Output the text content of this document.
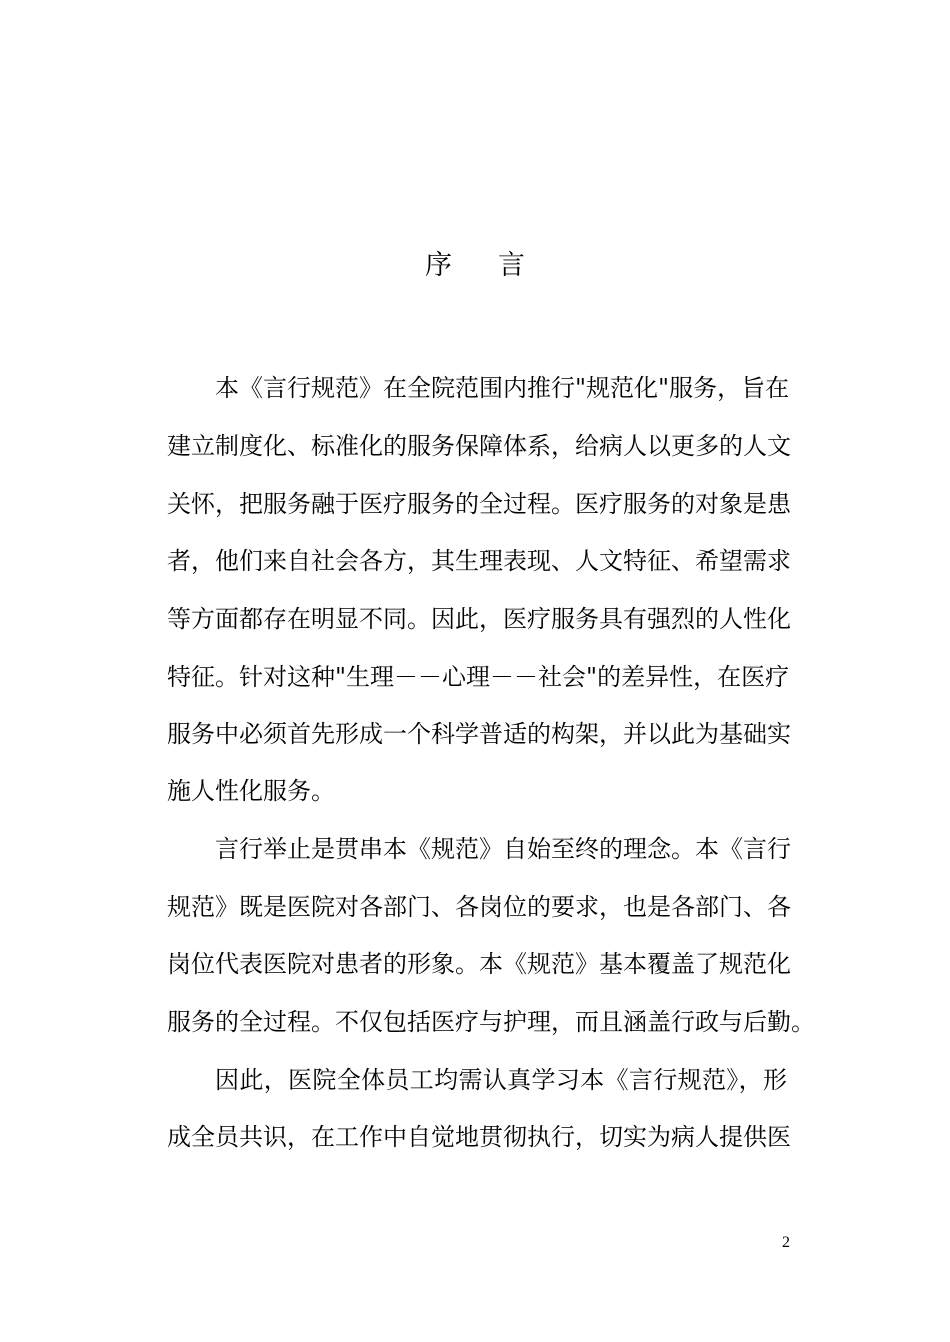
序 言
本《言行规范》在全院范围内推行"规范化"服务，旨在
建立制度化、标准化的服务保障体系，给病人以更多的人文
关怀，把服务融于医疗服务的全过程。医疗服务的对象是患
者，他们来自社会各方，其生理表现、人文特征、希望需求
等方面都存在明显不同。因此，医疗服务具有强烈的人性化
特征。针对这种"生理－－心理－－社会"的差异性，在医疗
服务中必须首先形成一个科学普适的构架，并以此为基础实
施人性化服务。
言行举止是贯串本《规范》自始至终的理念。本《言行
规范》既是医院对各部门、各岗位的要求，也是各部门、各
岗位代表医院对患者的形象。本《规范》基本覆盖了规范化
服务的全过程。不仅包括医疗与护理，而且涵盖行政与后勤。
因此，医院全体员工均需认真学习本《言行规范》，形
成全员共识，在工作中自觉地贯彻执行，切实为病人提供医
2
